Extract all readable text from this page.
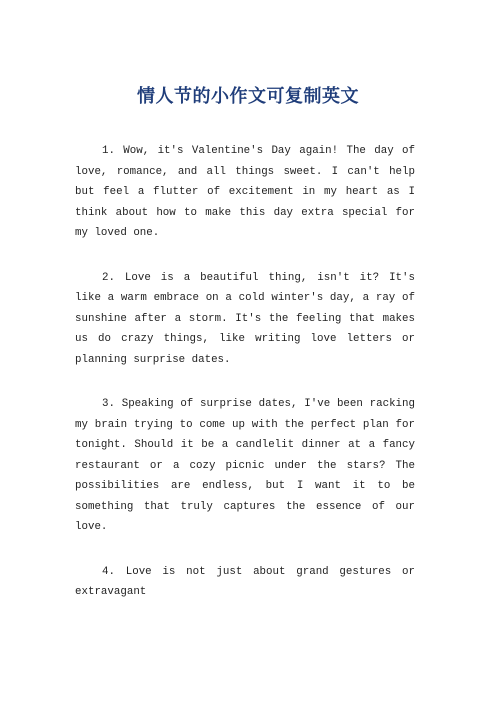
情人节的小作文可复制英文

1. Wow, it's Valentine's Day again! The day of love, romance, and all things sweet. I can't help but feel a flutter of excitement in my heart as I think about how to make this day extra special for my loved one.

2. Love is a beautiful thing, isn't it? It's like a warm embrace on a cold winter's day, a ray of sunshine after a storm. It's the feeling that makes us do crazy things, like writing love letters or planning surprise dates.

3. Speaking of surprise dates, I've been racking my brain trying to come up with the perfect plan for tonight. Should it be a candlelit dinner at a fancy restaurant or a cozy picnic under the stars? The possibilities are endless, but I want it to be something that truly captures the essence of our love.

4. Love is not just about grand gestures or extravagant
